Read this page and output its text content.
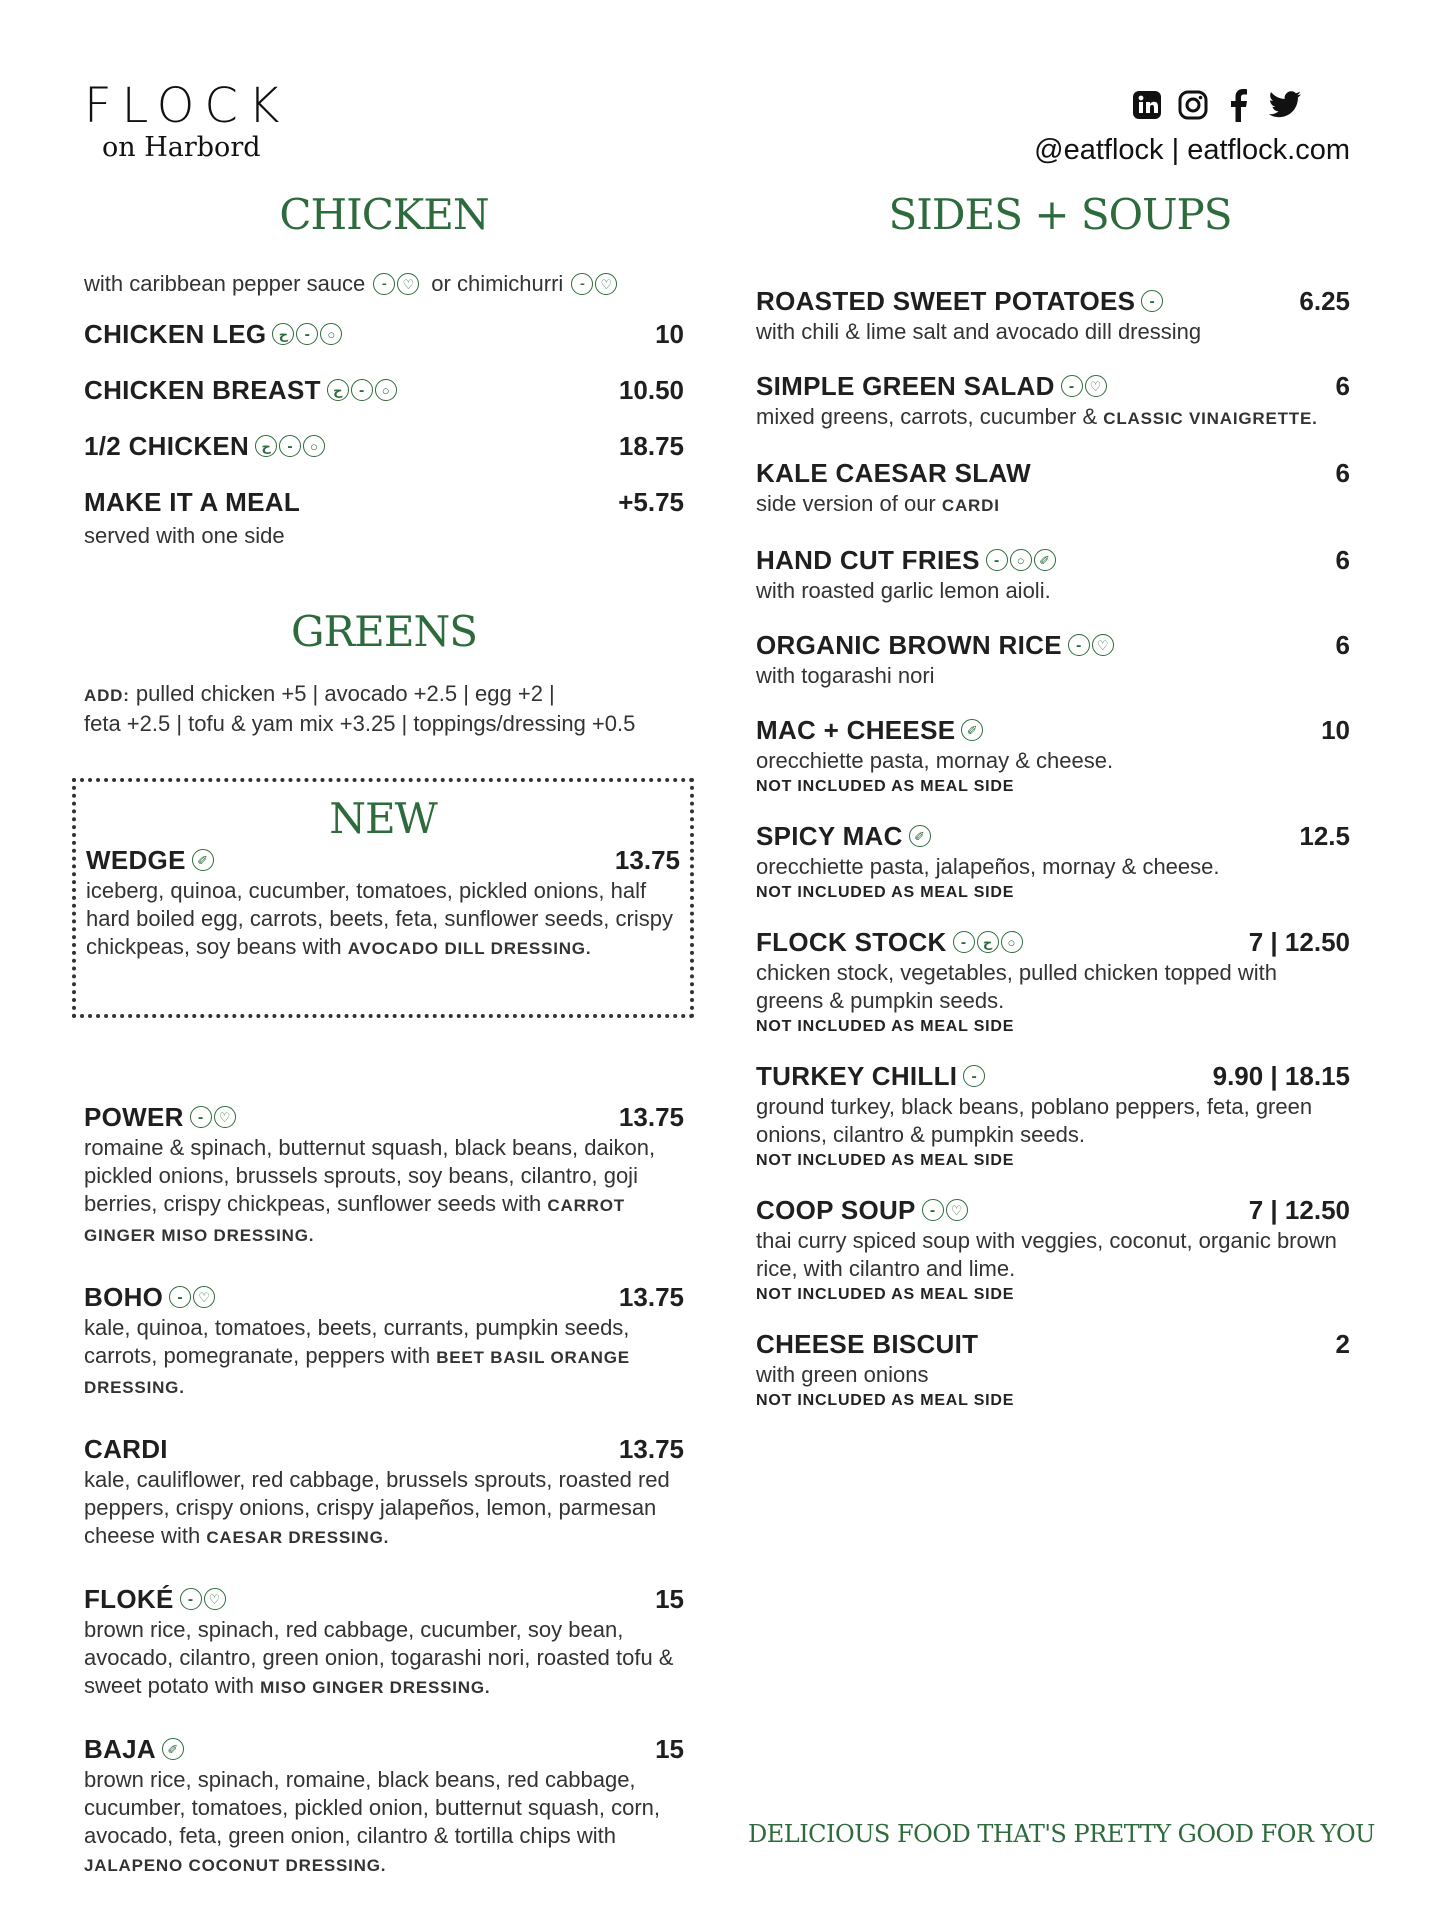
FLOCK
on Harbord	@eatflock | eatflock.com
CHICKEN
with caribbean pepper sauce	⁃	♡ or chimichurri	⁃	♡
CHICKEN LEG ح	⁃	○	10
CHICKEN BREAST ح	⁃	○	10.50
1/2 CHICKEN ح	⁃	○	18.75
MAKE IT A MEAL	+5.75
served with one side
GREENS
ADD: pulled chicken +5 | avocado +2.5 | egg +2 |
feta +2.5 | tofu & yam mix +3.25 | toppings/dressing +0.5
NEW
WEDGE ✐	13.75
iceberg, quinoa, cucumber, tomatoes, pickled onions, half hard boiled egg, carrots, beets, feta, sunflower seeds, crispy chickpeas, soy beans with AVOCADO DILL DRESSING.
POWER	⁃	♡	13.75
romaine & spinach, butternut squash, black beans, daikon, pickled onions, brussels sprouts, soy beans, cilantro, goji berries, crispy chickpeas, sunflower seeds with CARROT GINGER MISO DRESSING.
BOHO	⁃	♡	13.75
kale, quinoa, tomatoes, beets, currants, pumpkin seeds, carrots, pomegranate, peppers with BEET BASIL ORANGE DRESSING.
CARDI	13.75
kale, cauliflower, red cabbage, brussels sprouts, roasted red peppers, crispy onions, crispy jalapeños, lemon, parmesan cheese with CAESAR DRESSING.
FLOKÉ	⁃	♡	15
brown rice, spinach, red cabbage, cucumber, soy bean, avocado, cilantro, green onion, togarashi nori, roasted tofu & sweet potato with MISO GINGER DRESSING.
BAJA ✐	15
brown rice, spinach, romaine, black beans, red cabbage, cucumber, tomatoes, pickled onion, butternut squash, corn, avocado, feta, green onion, cilantro & tortilla chips with JALAPENO COCONUT DRESSING.
SIDES + SOUPS
ROASTED SWEET POTATOES	⁃	6.25
with chili & lime salt and avocado dill dressing
SIMPLE GREEN SALAD	⁃	♡	6
mixed greens, carrots, cucumber & CLASSIC VINAIGRETTE.
KALE CAESAR SLAW	6
side version of our CARDI
HAND CUT FRIES	⁃	○	✐	6
with roasted garlic lemon aioli.
ORGANIC BROWN RICE	⁃	♡	6
with togarashi nori
MAC + CHEESE ✐	10
orecchiette pasta, mornay & cheese.
NOT INCLUDED AS MEAL SIDE
SPICY MAC ✐	12.5
orecchiette pasta, jalapeños, mornay & cheese.
NOT INCLUDED AS MEAL SIDE
FLOCK STOCK	⁃	ح	○	7 | 12.50
chicken stock, vegetables, pulled chicken topped with greens & pumpkin seeds.
NOT INCLUDED AS MEAL SIDE
TURKEY CHILLI	⁃	9.90 | 18.15
ground turkey, black beans, poblano peppers, feta, green onions, cilantro & pumpkin seeds.
NOT INCLUDED AS MEAL SIDE
COOP SOUP	⁃	♡	7 | 12.50
thai curry spiced soup with veggies, coconut, organic brown rice, with cilantro and lime.
NOT INCLUDED AS MEAL SIDE
CHEESE BISCUIT	2
with green onions
NOT INCLUDED AS MEAL SIDE
DELICIOUS FOOD THAT'S PRETTY GOOD FOR YOU
